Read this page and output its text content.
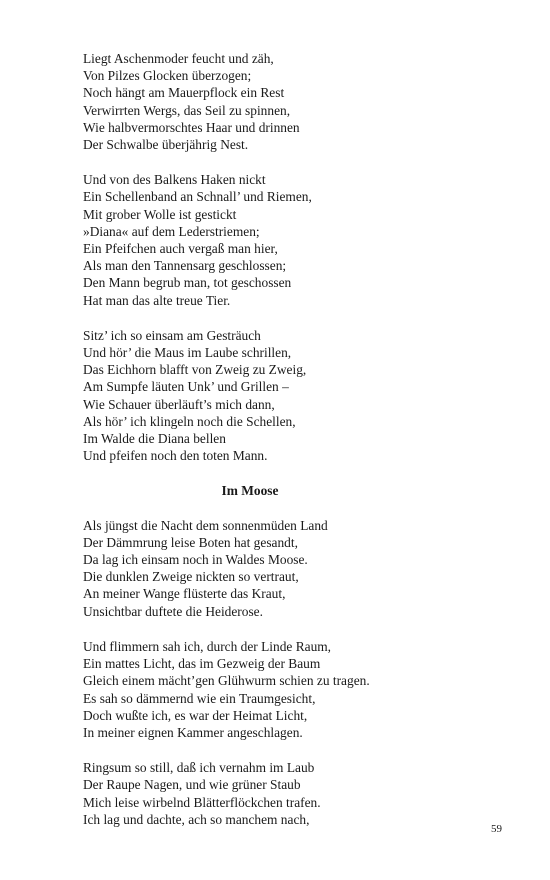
Liegt Aschenmoder feucht und zäh,
Von Pilzes Glocken überzogen;
Noch hängt am Mauerpflock ein Rest
Verwirrten Wergs, das Seil zu spinnen,
Wie halbvermorschtes Haar und drinnen
Der Schwalbe überjährig Nest.
Und von des Balkens Haken nickt
Ein Schellenband an Schnall’ und Riemen,
Mit grober Wolle ist gestickt
»Diana« auf dem Lederstriemen;
Ein Pfeifchen auch vergaß man hier,
Als man den Tannensarg geschlossen;
Den Mann begrub man, tot geschossen
Hat man das alte treue Tier.
Sitz’ ich so einsam am Gesträuch
Und hör’ die Maus im Laube schrillen,
Das Eichhorn blafft von Zweig zu Zweig,
Am Sumpfe läuten Unk’ und Grillen –
Wie Schauer überläuft’s mich dann,
Als hör’ ich klingeln noch die Schellen,
Im Walde die Diana bellen
Und pfeifen noch den toten Mann.
Im Moose
Als jüngst die Nacht dem sonnenmüden Land
Der Dämmrung leise Boten hat gesandt,
Da lag ich einsam noch in Waldes Moose.
Die dunklen Zweige nickten so vertraut,
An meiner Wange flüsterte das Kraut,
Unsichtbar duftete die Heiderose.
Und flimmern sah ich, durch der Linde Raum,
Ein mattes Licht, das im Gezweig der Baum
Gleich einem mächt’gen Glühwurm schien zu tragen.
Es sah so dämmernd wie ein Traumgesicht,
Doch wußte ich, es war der Heimat Licht,
In meiner eignen Kammer angeschlagen.
Ringsum so still, daß ich vernahm im Laub
Der Raupe Nagen, und wie grüner Staub
Mich leise wirbelnd Blätterflöckchen trafen.
Ich lag und dachte, ach so manchem nach,
59
